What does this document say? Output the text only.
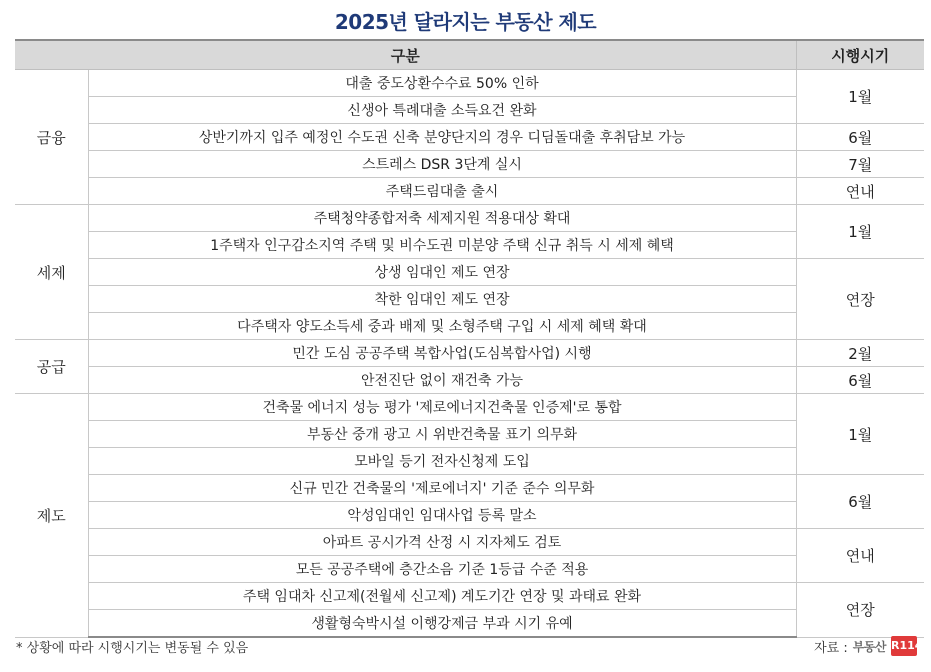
2025년 달라지는 부동산 제도
구분		시행시기
금융	대출 중도상환수수료 50% 인하	1월
	신생아 특례대출 소득요건 완화	
	상반기까지 입주 예정인 수도권 신축 분양단지의 경우 디딤돌대출 후취담보 가능	6월
	스트레스 DSR 3단계 실시	7월
	주택드림대출 출시	연내
세제	주택청약종합저축 세제지원 적용대상 확대	1월
	1주택자 인구감소지역 주택 및 비수도권 미분양 주택 신규 취득 시 세제 혜택	
	상생 임대인 제도 연장	연장
	착한 임대인 제도 연장	
	다주택자 양도소득세 중과 배제 및 소형주택 구입 시 세제 혜택 확대	
공급	민간 도심 공공주택 복합사업(도심복합사업) 시행	2월
	안전진단 없이 재건축 가능	6월
제도	건축물 에너지 성능 평가 '제로에너지건축물 인증제'로 통합	1월
	부동산 중개 광고 시 위반건축물 표기 의무화	
	모바일 등기 전자신청제 도입	
	신규 민간 건축물의 '제로에너지' 기준 준수 의무화	6월
	악성임대인 임대사업 등록 말소	
	아파트 공시가격 산정 시 지자체도 검토	연내
	모든 공공주택에 층간소음 기준 1등급 수준 적용	
	주택 임대차 신고제(전월세 신고제) 계도기간 연장 및 과태료 완화	연장
	생활형숙박시설 이행강제금 부과 시기 유예	
* 상황에 따라 시행시기는 변동될 수 있음	자료 : 부동산 R114
